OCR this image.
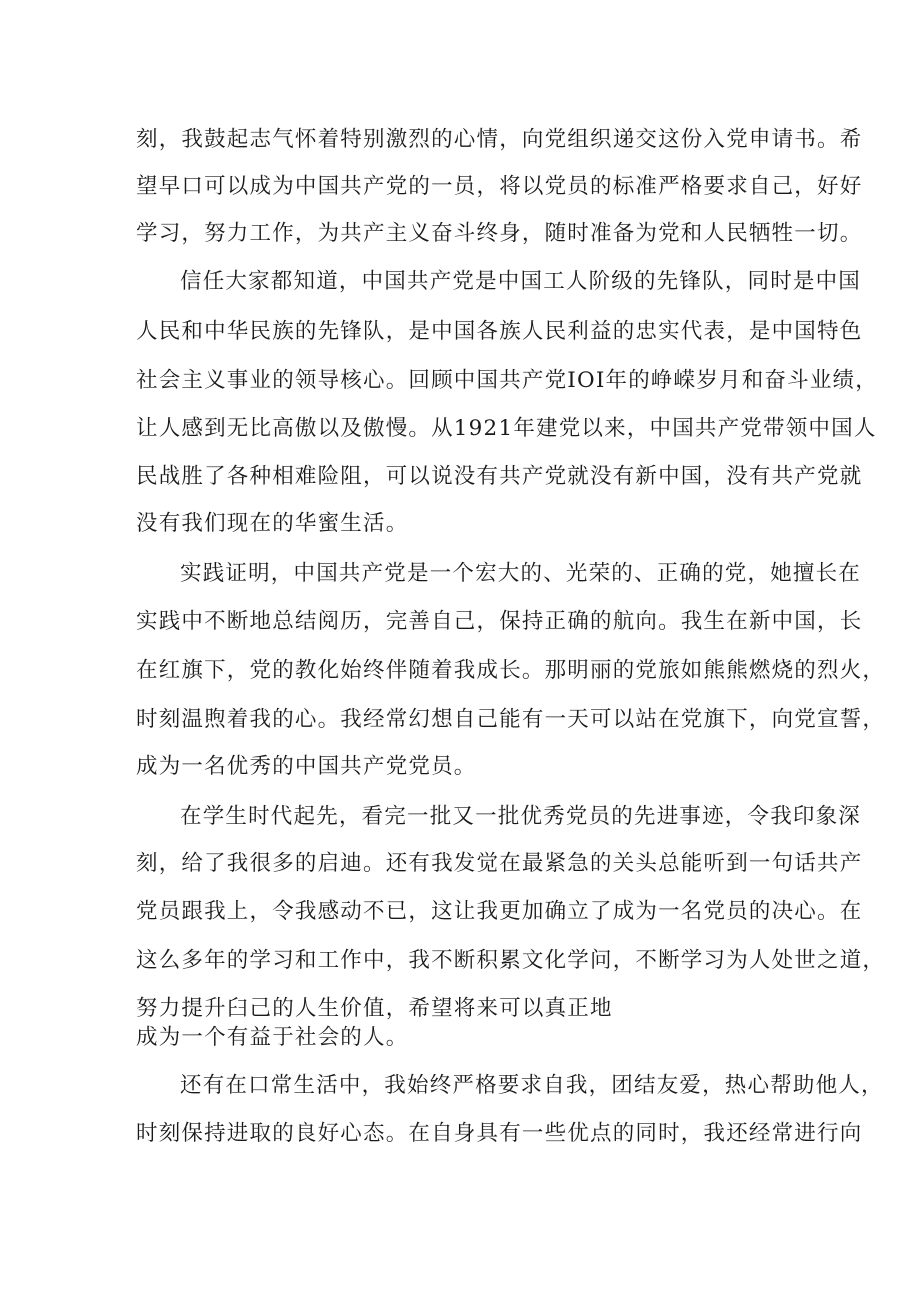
刻，我鼓起志气怀着特别激烈的心情，向党组织递交这份入党申请书。希
望早口可以成为中国共产党的一员，将以党员的标准严格要求自己，好好
学习，努力工作，为共产主义奋斗终身，随时准备为党和人民牺牲一切。
信任大家都知道，中国共产党是中国工人阶级的先锋队，同时是中国
人民和中华民族的先锋队，是中国各族人民利益的忠实代表，是中国特色
社会主义事业的领导核心。回顾中国共产党IOI年的峥嵘岁月和奋斗业绩，
让人感到无比高傲以及傲慢。从1921年建党以来，中国共产党带领中国人
民战胜了各种相难险阻，可以说没有共产党就没有新中国，没有共产党就
没有我们现在的华蜜生活。
实践证明，中国共产党是一个宏大的、光荣的、正确的党，她擅长在
实践中不断地总结阅历，完善自己，保持正确的航向。我生在新中国，长
在红旗下，党的教化始终伴随着我成长。那明丽的党旅如熊熊燃烧的烈火，
时刻温煦着我的心。我经常幻想自己能有一天可以站在党旗下，向党宣誓，
成为一名优秀的中国共产党党员。
在学生时代起先，看完一批又一批优秀党员的先进事迹，令我印象深
刻，给了我很多的启迪。还有我发觉在最紧急的关头总能听到一句话共产
党员跟我上，令我感动不已，这让我更加确立了成为一名党员的决心。在
这么多年的学习和工作中，我不断积累文化学问，不断学习为人处世之道，
努力提升臼己的人生价值，希望将来可以真正地
成为一个有益于社会的人。
还有在口常生活中，我始终严格要求自我，团结友爱，热心帮助他人，
时刻保持进取的良好心态。在自身具有一些优点的同时，我还经常进行向
